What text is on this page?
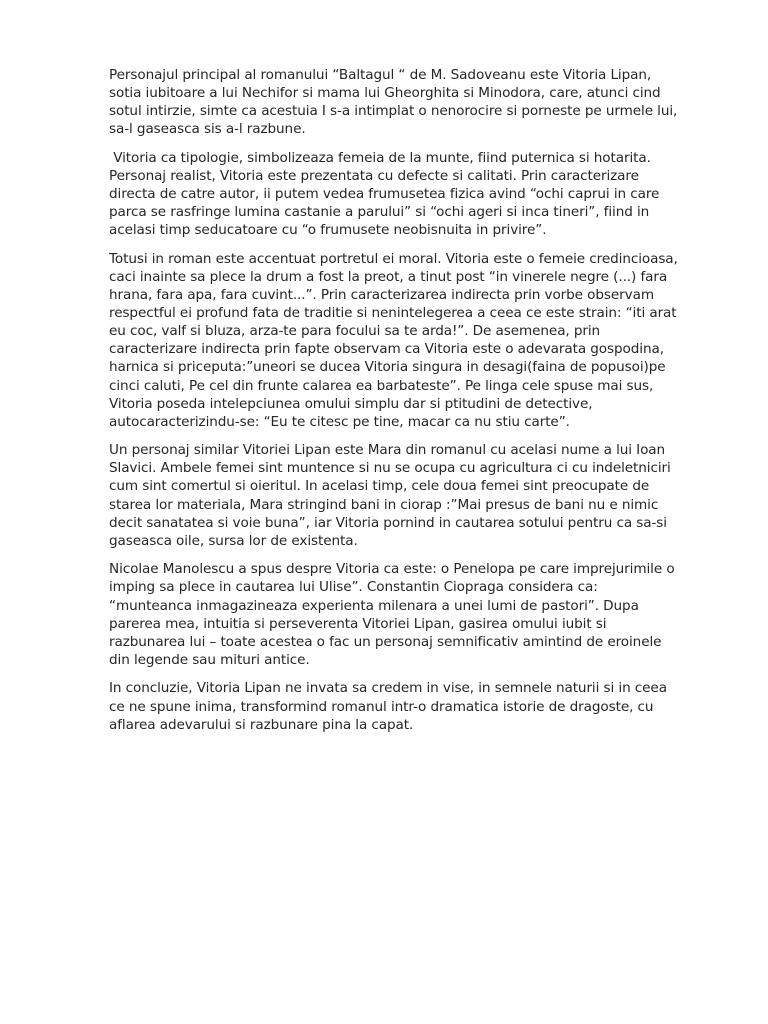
Personajul principal al romanului “Baltagul “ de M. Sadoveanu este Vitoria Lipan,
sotia iubitoare a lui Nechifor si mama lui Gheorghita si Minodora, care, atunci cind
sotul intirzie, simte ca acestuia I s-a intimplat o nenorocire si porneste pe urmele lui,
sa-l gaseasca sis a-l razbune.

Vitoria ca tipologie, simbolizeaza femeia de la munte, fiind puternica si hotarita.
Personaj realist, Vitoria este prezentata cu defecte si calitati. Prin caracterizare
directa de catre autor, ii putem vedea frumusetea fizica avind “ochi caprui in care
parca se rasfringe lumina castanie a parului” si “ochi ageri si inca tineri”, fiind in
acelasi timp seducatoare cu “o frumusete neobisnuita in privire”.

Totusi in roman este accentuat portretul ei moral. Vitoria este o femeie credincioasa,
caci inainte sa plece la drum a fost la preot, a tinut post “in vinerele negre (...) fara
hrana, fara apa, fara cuvint...”. Prin caracterizarea indirecta prin vorbe observam
respectful ei profund fata de traditie si nenintelegerea a ceea ce este strain: “iti arat
eu coc, valf si bluza, arza-te para focului sa te arda!”. De asemenea, prin
caracterizare indirecta prin fapte observam ca Vitoria este o adevarata gospodina,
harnica si priceputa:”uneori se ducea Vitoria singura in desagi(faina de popusoi)pe
cinci caluti, Pe cel din frunte calarea ea barbateste”. Pe linga cele spuse mai sus,
Vitoria poseda intelepciunea omului simplu dar si ptitudini de detective,
autocaracterizindu-se: “Eu te citesc pe tine, macar ca nu stiu carte”.

Un personaj similar Vitoriei Lipan este Mara din romanul cu acelasi nume a lui Ioan
Slavici. Ambele femei sint muntence si nu se ocupa cu agricultura ci cu indeletniciri
cum sint comertul si oieritul. In acelasi timp, cele doua femei sint preocupate de
starea lor materiala, Mara stringind bani in ciorap :”Mai presus de bani nu e nimic
decit sanatatea si voie buna”, iar Vitoria pornind in cautarea sotului pentru ca sa-si
gaseasca oile, sursa lor de existenta.

Nicolae Manolescu a spus despre Vitoria ca este: o Penelopa pe care imprejurimile o
imping sa plece in cautarea lui Ulise”. Constantin Ciopraga considera ca:
“munteanca inmagazineaza experienta milenara a unei lumi de pastori”. Dupa
parerea mea, intuitia si perseverenta Vitoriei Lipan, gasirea omului iubit si
razbunarea lui – toate acestea o fac un personaj semnificativ amintind de eroinele
din legende sau mituri antice.

In concluzie, Vitoria Lipan ne invata sa credem in vise, in semnele naturii si in ceea
ce ne spune inima, transformind romanul intr-o dramatica istorie de dragoste, cu
aflarea adevarului si razbunare pina la capat.
